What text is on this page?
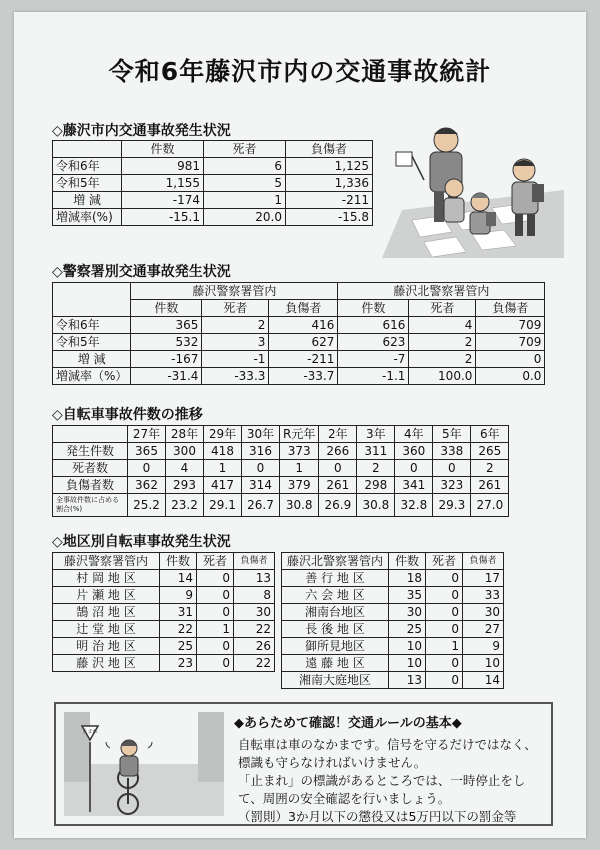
令和6年藤沢市内の交通事故統計
◇藤沢市内交通事故発生状況
	件数	死者	負傷者
令和6年	981	6	1,125
令和5年	1,155	5	1,336
増 減	-174	1	-211
増減率(%)	-15.1	20.0	-15.8
◇警察署別交通事故発生状況
	藤沢警察署管内			藤沢北警察署管内		
	件数	死者	負傷者	件数	死者	負傷者
令和6年	365	2	416	616	4	709
令和5年	532	3	627	623	2	709
増 減	-167	-1	-211	-7	2	0
増減率（%）	-31.4	-33.3	-33.7	-1.1	100.0	0.0
◇自転車事故件数の推移
	27年	28年	29年	30年	R元年	2年	3年	4年	5年	6年
発生件数	365	300	418	316	373	266	311	360	338	265
死者数	0	4	1	0	1	0	2	0	0	2
負傷者数	362	293	417	314	379	261	298	341	323	261
全事故件数に占める割合(%)	25.2	23.2	29.1	26.7	30.8	26.9	30.8	32.8	29.3	27.0
◇地区別自転車事故発生状況
藤沢警察署管内	件数	死者	負傷者
村 岡 地 区	14	0	13
片 瀬 地 区	9	0	8
鵠 沼 地 区	31	0	30
辻 堂 地 区	22	1	22
明 治 地 区	25	0	26
藤 沢 地 区	23	0	22
藤沢北警察署管内	件数	死者	負傷者
善 行 地 区	18	0	17
六 会 地 区	35	0	33
湘南台地区	30	0	30
長 後 地 区	25	0	27
御所見地区	10	1	9
遠 藤 地 区	10	0	10
湘南大庭地区	13	0	14
止まれ
◆あらためて確認！交通ルールの基本◆

自転車は車のなかまです。信号を守るだけではなく、標識も守らなければいけません。

「止まれ」の標識があるところでは、一時停止をして、周囲の安全確認を行いましょう。

（罰則）3か月以下の懲役又は5万円以下の罰金等
